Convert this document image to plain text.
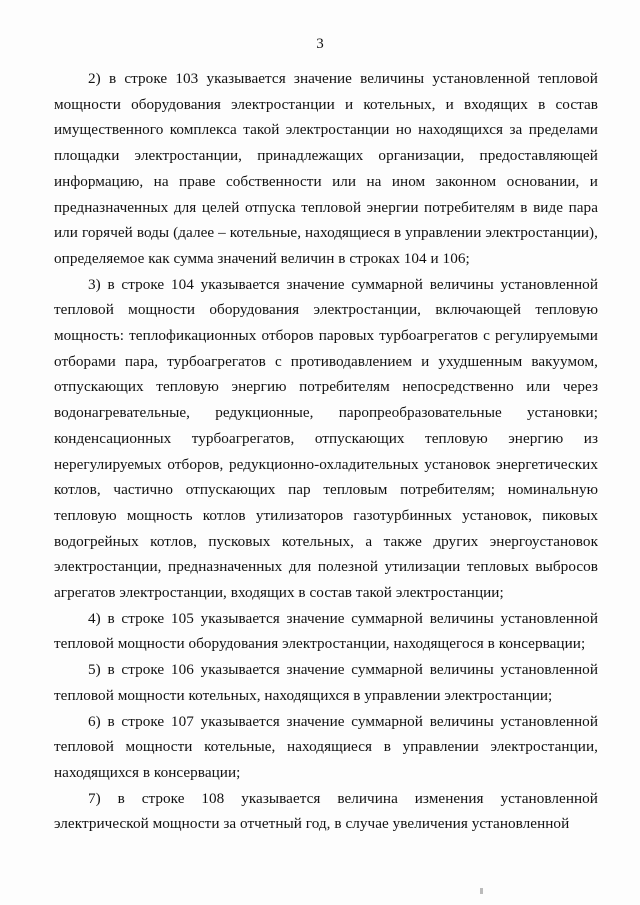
3

2) в строке 103 указывается значение величины установленной тепловой мощности оборудования электростанции и котельных, и входящих в состав имущественного комплекса такой электростанции но находящихся за пределами площадки электростанции, принадлежащих организации, предоставляющей информацию, на праве собственности или на ином законном основании, и предназначенных для целей отпуска тепловой энергии потребителям в виде пара или горячей воды (далее – котельные, находящиеся в управлении электростанции), определяемое как сумма значений величин в строках 104 и 106;

3) в строке 104 указывается значение суммарной величины установленной тепловой мощности оборудования электростанции, включающей тепловую мощность: теплофикационных отборов паровых турбоагрегатов с регулируемыми отборами пара, турбоагрегатов с противодавлением и ухудшенным вакуумом, отпускающих тепловую энергию потребителям непосредственно или через водонагревательные, редукционные, паропреобразовательные установки; конденсационных турбоагрегатов, отпускающих тепловую энергию из нерегулируемых отборов, редукционно-охладительных установок энергетических котлов, частично отпускающих пар тепловым потребителям; номинальную тепловую мощность котлов утилизаторов газотурбинных установок, пиковых водогрейных котлов, пусковых котельных, а также других энергоустановок электростанции, предназначенных для полезной утилизации тепловых выбросов агрегатов электростанции, входящих в состав такой электростанции;

4) в строке 105 указывается значение суммарной величины установленной тепловой мощности оборудования электростанции, находящегося в консервации;

5) в строке 106 указывается значение суммарной величины установленной тепловой мощности котельных, находящихся в управлении электростанции;

6) в строке 107 указывается значение суммарной величины установленной тепловой мощности котельные, находящиеся в управлении электростанции, находящихся в консервации;

7) в строке 108 указывается величина изменения установленной электрической мощности за отчетный год, в случае увеличения установленной
